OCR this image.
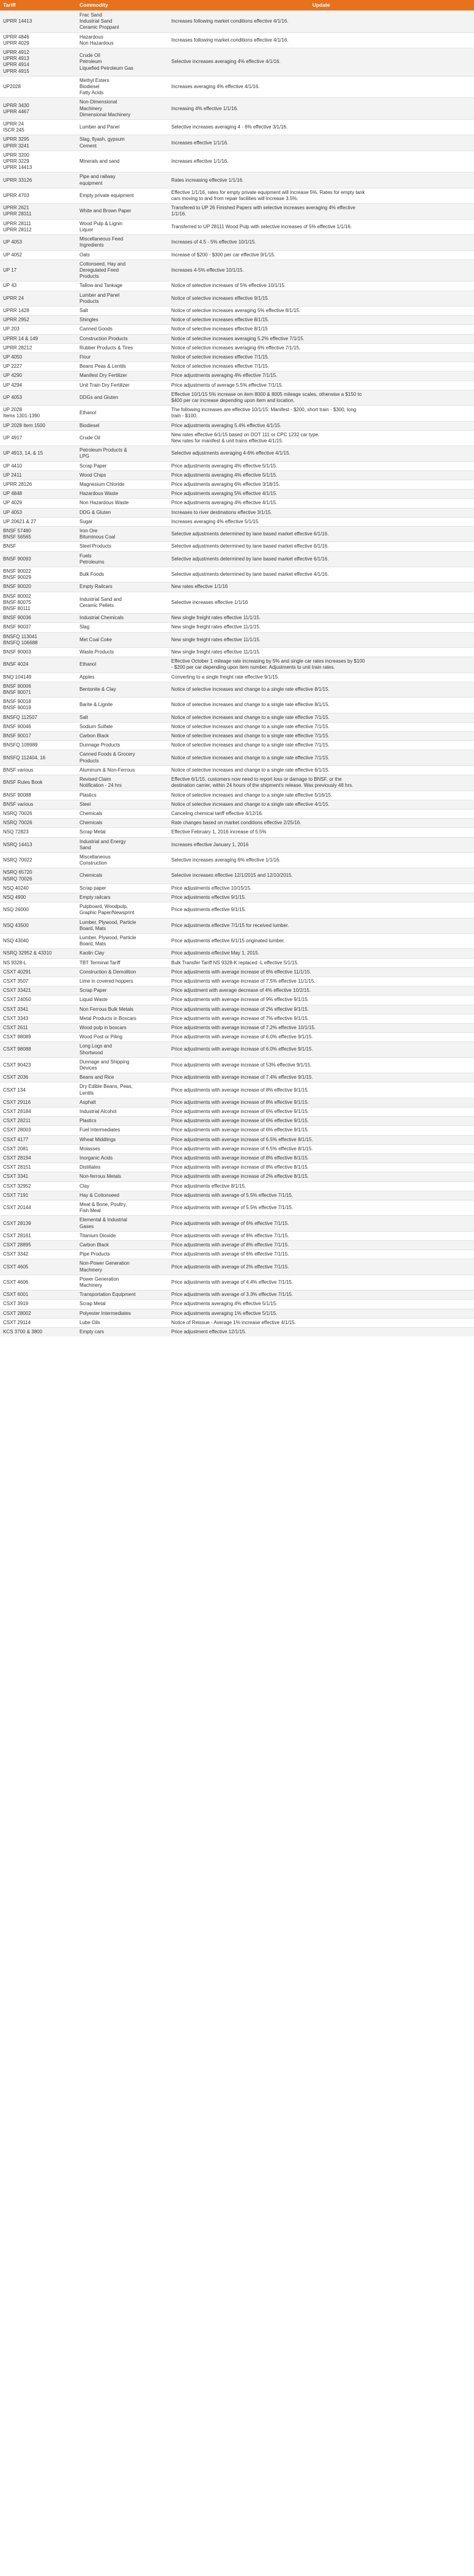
Tariff	Commodity	Update

UPRR 14413	Frac Sand
Industrial Sand
Ceramic Proppant	Increases following market conditions effective 4/1/16.

UPRR 4846
UPRR 4029	Hazardous
Non Hazardous	Increases following market conditions effective 4/1/16.

UPRR 4912
UPRR 4913
UPRR 4914
UPRR 4915	Crude Oil
Petroleum
Liquefied Petroleum Gas	Selective increases averaging 4% effective 4/1/16.

UP2028	Methyl Esters
Biodiesel
Fatty Acids	Increases averaging 4% effective 4/1/16.

UPRR 3430
UPRR 4467	Non-Dimensional
Machinery
Dimensional Machinery	Increasing 4% effective 1/1/16.

UPRR 24
ISCR 245	Lumber and Panel	Selective increases averaging 4 - 6% effective 3/1/16.

UPRR 3295
UPRR 3241	Slag, flyash, gypsum
Cement	Increases effective 1/1/16.

UPRR 3200
UPRR 3229
UPRR 14413	Minerals and sand	Increases effective 1/1/16.

UPRR 33126	Pipe and railway
equipment	Rates increasing effective 1/1/16.

UPRR 4703	Empty private equipment	Effective 1/1/16, rates for empty private equipment will increase 5%. Rates for empty tank
cars moving to and from repair facilities will increase 3.5%.

UPRR 2621
UPRR 28311	White and Brown Paper	Transfered to UP 26 Finished Papers with selective increases averaging 4% effective
1/1/16.

UPRR 28111
UPRR 28112	Wood Pulp & Lignin
Liquor	Transferred to UP 28111 Wood Pulp with selective increases of 5% effective 1/1/16.

UP 4053	Miscellaneous Feed
Ingredients	Increases of 4.5 - 5% effective 10/1/15.

UP 4052	Oats	Increase of $200 - $300 per car effective 9/1/15.

UP 17	Cottonseed, Hay and
Deregulated Feed
Products	Increases 4-5% effective 10/1/15.

UP 43	Tallow and Tankage	Notice of selective increases of 5% effective 10/1/15.

UPRR 24	Lumber and Panel
Products	Notice of selective increases effective 9/1/15.

UPRR 1428	Salt	Notice of selective increases averaging 5% effective 8/1/15.

UPRR 2952	Shingles	Notice of selective increases effective 8/1/15.

UP 203	Canned Goods	Notice of selective increases effective 8/1/15

UPRR 14 & 149	Construction Products	Notice of selective increases averaging 5.2% effective 7/1/15.

UPRR 28212	Rubber Products & Tires	Notice of selective increases averaging 6% effective 7/1/15.

UP 4050	Flour	Notice of selective increases effective 7/1/15.

UP 2227	Beans Peas & Lentils	Notice of selective increases effective 7/1/15.

UP 4290	Manifest Dry Fertilizer	Price adjustments averaging 4% effective 7/1/15.

UP 4294	Unit Train Dry Fertilizer	Price adjustments of average 5.5% effective 7/1/15.

UP 4053	DDGs and Gluten	Effective 10/1/15 5% increase on item 8000 & 8005 mileage scales, otherwise a $150 to
$400 per car increase depending upon item and location.

UP 2028
Items 1301-1390	Ethanol	The following increases are effective 10/1/15: Manifest - $200, short train - $300, long
train - $100.

UP 2028 Item 1500	Biodiesel	Price adjustments averaging 5.4% effective 4/1/15.

UP 4917	Crude Oil	New rates effective 6/1/15 based on DOT 111 or CPC 1232 car type.
New rates for manifest & unit trains effective 4/1/15.

UP 4913, 14, & 15	Petroleum Products &
LPG	Selective adjustments averaging 4-6% effective 4/1/15.

UP 4410	Scrap Paper	Price adjustments averaging 4% effective 5/1/15.

UP 2411	Wood Chips	Price adjustments averaging 4% effective 5/1/15.

UPRR 28126	Magnesium Chloride	Price adjustments averaging 6% effective 3/18/15.

UP 4848	Hazardous Waste	Price adjustments averaging 5% effective 4/1/15.

UP 4029	Non Hazardous Waste	Price adjustments averaging 4% effective 4/1/15.

UP 4053	DDG & Gluten	Increases to river destinations effective 3/1/15.

UP 20621 & 27	Sugar	Increases averaging 4% effective 5/1/15.

BNSF 57480
BNSF 56565	Iron Ore
Bituminous Coal	Selective adjustments determined by lane based market effective 6/1/16.

BNSF	Steel Products	Selective adjustments determined by lane based market effective 6/1/16.

BNSF 90093	Fuels
Petroleums	Selective adjustments determined by lane based market effective 6/1/16.

BNSF 90022
BNSF 90029	Bulk Foods	Selective adjustments determined by lane based market effective 4/1/16.

BNSF 90020	Empty Railcars	New rates effective 1/1/16

BNSF 80002
BNSF 80075
BNSF 80111	Industrial Sand and
Ceramic Pellets	Selective increases effective 1/1/16

BNSF 90036	Industrial Chemicals	New single freight rates effective 11/1/15.

BNSF 90037	Slag	New single freight rates effective 11/1/15.

BNSFQ 113041
BNSFQ 106688	Met Coal Coke	New single freight rates effective 11/1/15.

BNSF 90003	Waste Products	New single freight rates effective 11/1/15.

BNSF 4024	Ethanol	Effective October 1 mileage rate increasing by 5% and single car rates increases by $100
- $200 per car depending upon item number. Adjustments to unit train rates.

BNQ 104149	Apples	Converting to a single freight rate effective 9/1/15.

BNSF 90006
BNSF 90071	Bentonite & Clay	Notice of selective increases and change to a single rate effective 8/1/15.

BNSF 90018
BNSF 90019	Barite & Lignite	Notice of selective increases and change to a single rate effective 8/1/15.

BNSFQ 112507	Salt	Notice of selective increases and change to a single rate effective 7/1/15.

BNSF 90046	Sodium Sulfate	Notice of selective increases and change to a single rate effective 7/1/15.

BNSF 90017	Carbon Black	Notice of selective increases and change to a single rate effective 7/1/15.

BNSFQ 109989	Dunnage Products	Notice of selective increases and change to a single rate effective 7/1/15.

BNSFQ 112404, 16	Canned Foods & Grocery
Products	Notice of selective increases and change to a single rate effective 7/1/15.

BNSF various	Aluminum & Non-Ferrous	Notice of selective increases and change to a single rate effective 6/1/15.

BNSF Rules Book	Revised Claim
Notification - 24 hrs	Effective 6/1/15, customers now need to report loss or damage to BNSF, or the
destination carrier, within 24 hours of the shipment's release. Was previously 48 hrs.

BNSF 90088	Plastics	Notice of selective increases and change to a single rate effective 5/16/15.

BNSF various	Steel	Notice of selective increases and change to a single rate effective 4/1/15.

NSRQ 70026	Chemicals	Canceling chemical tariff effective 4/12/16.

NSRQ 70026	Chemicals	Rate changes based on market conditions effective 2/25/16.

NSQ 72823	Scrap Metal	Effective February 1, 2016 increase of 5.5%

NSRQ 14413	Industrial and Energy
Sand	Increases effective January 1, 2016

NSRQ 70022	Miscellaneous
Construction	Selective increases averaging 6% effective 1/1/16.

NSRQ 65720
NSRQ 70026	Chemicals	Selective increases effective 12/1/2015 and 12/10/2015.

NSQ 40240	Scrap paper	Price adjustments effective 10/15/15.

NSQ 4900	Empty railcars	Price adjustments effective 9/1/15.

NSQ 26000	Pulpboard, Woodpulp,
Graphic Paper/Newsprint	Price adjustments effective 9/1/15.

NSQ 43500	Lumber, Plywood, Particle
Board, Mats	Price adjustments effective 7/1/15 for received lumber.

NSQ 43040	Lumber, Plywood, Particle
Board, Mats	Price adjustments effective 6/1/15 originated lumber.

NSRQ 32952 & 43310	Kaolin Clay	Price adjustments effective May 1, 2015.

NS 9328-L	TBT Terminal Tariff	Bulk Transfer Tariff NS 9328-K replaced -L effective 5/1/15.

CSXT 40291	Construction & Demolition	Price adjustments with average increase of 6% effective 11/1/15.

CSXT 3507	Lime in covered hoppers	Price adjustments with average increase of 7.5% effective 11/1/15.

CSXT 33421	Scrap Paper	Price adjustment with average decrease of 4% effective 10/2/15.

CSXT 24050	Liquid Waste	Price adjustments with average increase of 9% effective 9/1/15.

CSXT 3341	Non Ferrous Bulk Metals	Price adjustments with average increase of 2% effective 9/1/15.

CSXT 3343	Metal Products in Boxcars	Price adjustments with average increase of 7% effective 9/1/15.

CSXT 2611	Wood pulp in boxcars	Price adjustments with average increase of 7.2% effective 10/1/15.

CSXT 98089	Wood Post or Piling	Price adjustments with average increase of 6.0% effective 9/1/15.

CSXT 98088	Long Logs and
Shortwood	Price adjustments with average increase of 6.0% effective 9/1/15.

CSXT 90423	Dunnage and Shipping
Devices	Price adjustments with average increase of 53% effective 9/1/15.

CSXT 2036	Beans and Rice	Price adjustments with average increase of 7.4% effective 9/1/15.

CSXT 134	Dry Edible Beans, Peas,
Lentils	Price adjustments with average increase of 8% effective 9/1/15.

CSXT 29116	Asphalt	Price adjustments with average increase of 8% effective 9/1/15.

CSXT 28184	Industrial Alcohol	Price adjustments with average increase of 6% effective 9/1/15.

CSXT 28211	Plastics	Price adjustments with average increase of 6% effective 9/1/15.

CSXT 28003	Fuel Intermediates	Price adjustments with average increase of 6% effective 9/1/15.

CSXT 4177	Wheat Middlings	Price adjustments with average increase of 6.5% effective 8/1/15.

CSXT 2081	Molasses	Price adjustments with average increase of 6.5% effective 8/1/15.

CSXT 28194	Inorganic Acids	Price adjustments with average increase of 8% effective 8/1/15.

CSXT 28151	Distillates	Price adjustments with average increase of 8% effective 8/1/15.

CSXT 3341	Non-ferrous Metals	Price adjustments with average increase of 2% effective 8/1/15.

CSXT 32952	Clay	Price adjustments effective 8/1/15.

CSXT 7191	Hay & Cottonseed	Price adjustments with average of 5.5% effective 7/1/15.

CSXT 20144	Meat & Bone, Poultry,
Fish Meal	Price adjustments with average of 5.5% effective 7/1/15.

CSXT 28139	Elemental & Industrial
Gases	Price adjustments with average of 6% effective 7/1/15.

CSXT 28161	Titanium Dioxide	Price adjustments with average of 8% effective 7/1/15.

CSXT 28895	Carbon Black	Price adjustments with average of 8% effective 7/1/15.

CSXT 3342	Pipe Products	Price adjustments with average of 6% effective 7/1/15.

CSXT 4605	Non-Power Generation
Machinery	Price adjustments with average of 2% effective 7/1/15.

CSXT 4606	Power Generation
Machinery	Price adjustments with average of 4.4% effective 7/1/15.

CSXT 6001	Transportation Equipment	Price adjustments with average of 3.3% effective 7/1/15.

CSXT 3919	Scrap Metal	Price adjustments averaging 4% effective 5/1/15.

CSXT 28002	Polyester Intermediates	Price adjustments averaging 1% effective 5/1/15.

CSXT 29114	Lube Oils	Notice of Reissue - Average 1% increase effective 4/1/15.

KCS 3700 & 3800	Empty cars	Price adjustment effective 12/1/15.
